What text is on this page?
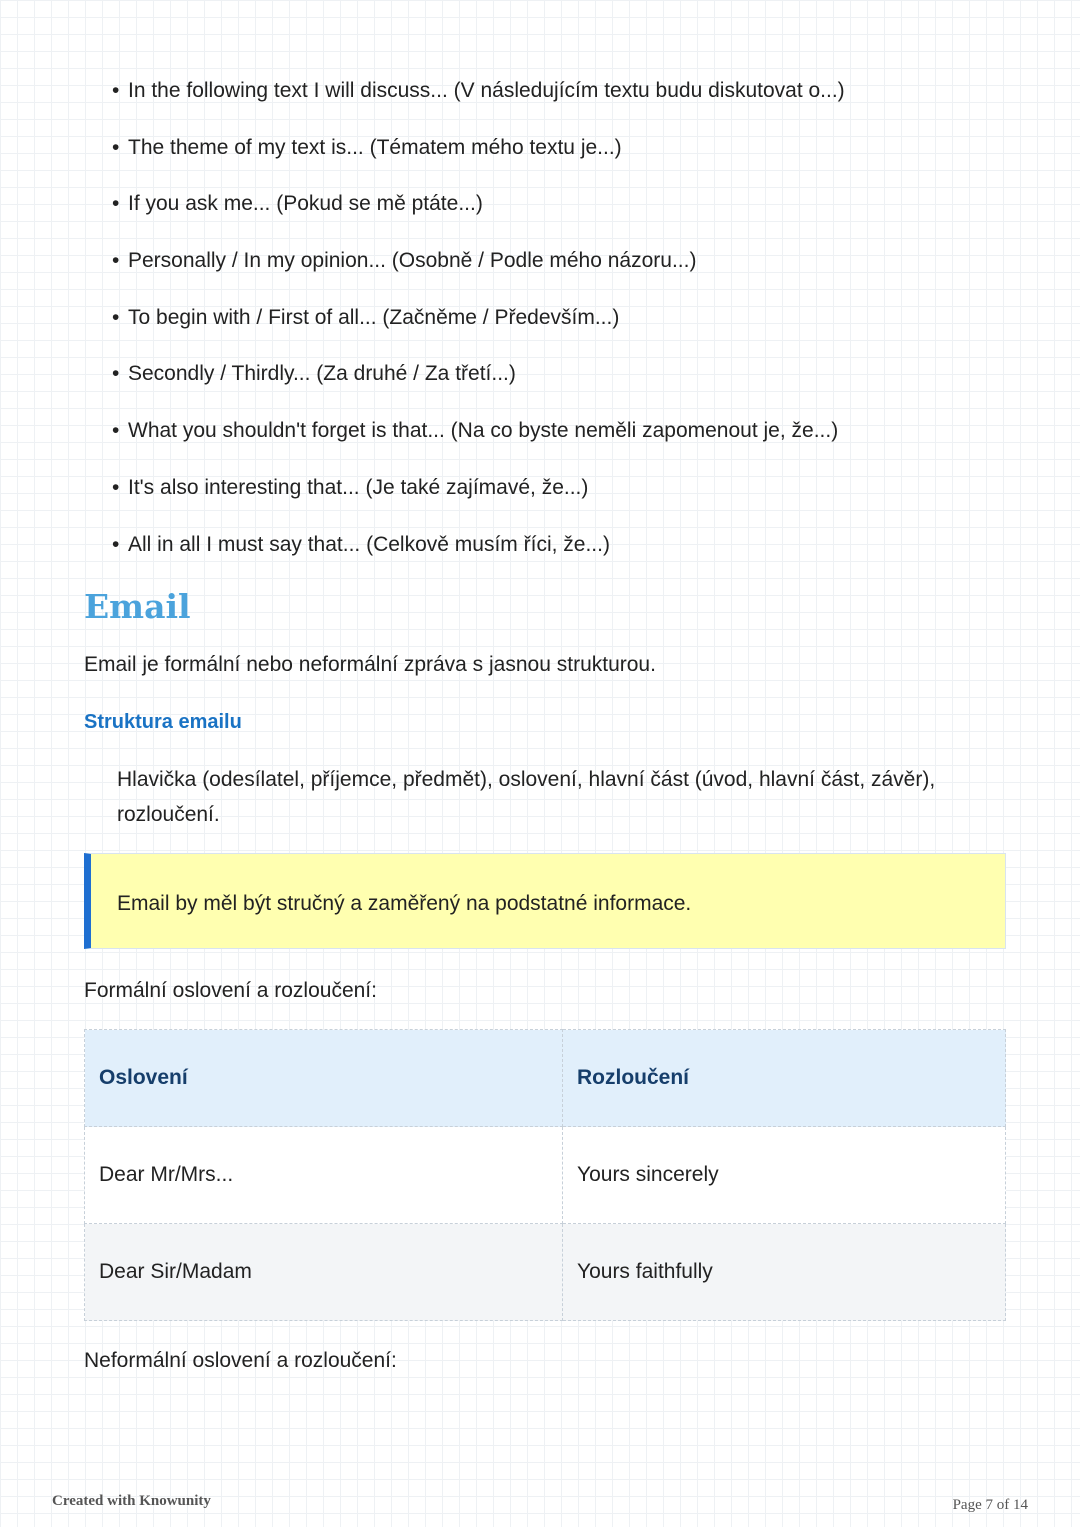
• In the following text I will discuss... (V následujícím textu budu diskutovat o...)
• The theme of my text is... (Tématem mého textu je...)
• If you ask me... (Pokud se mě ptáte...)
• Personally / In my opinion... (Osobně / Podle mého názoru...)
• To begin with / First of all... (Začněme / Především...)
• Secondly / Thirdly... (Za druhé / Za třetí...)
• What you shouldn't forget is that... (Na co byste neměli zapomenout je, že...)
• It's also interesting that... (Je také zajímavé, že...)
• All in all I must say that... (Celkově musím říci, že...)
Email
Email je formální nebo neformální zpráva s jasnou strukturou.
Struktura emailu
Hlavička (odesílatel, příjemce, předmět), oslovení, hlavní část (úvod, hlavní část, závěr), rozloučení.
Email by měl být stručný a zaměřený na podstatné informace.
Formální oslovení a rozloučení:
Oslovení	Rozloučení
Dear Mr/Mrs...	Yours sincerely
Dear Sir/Madam	Yours faithfully
Neformální oslovení a rozloučení:
Created with Knowunity	Page 7 of 14
